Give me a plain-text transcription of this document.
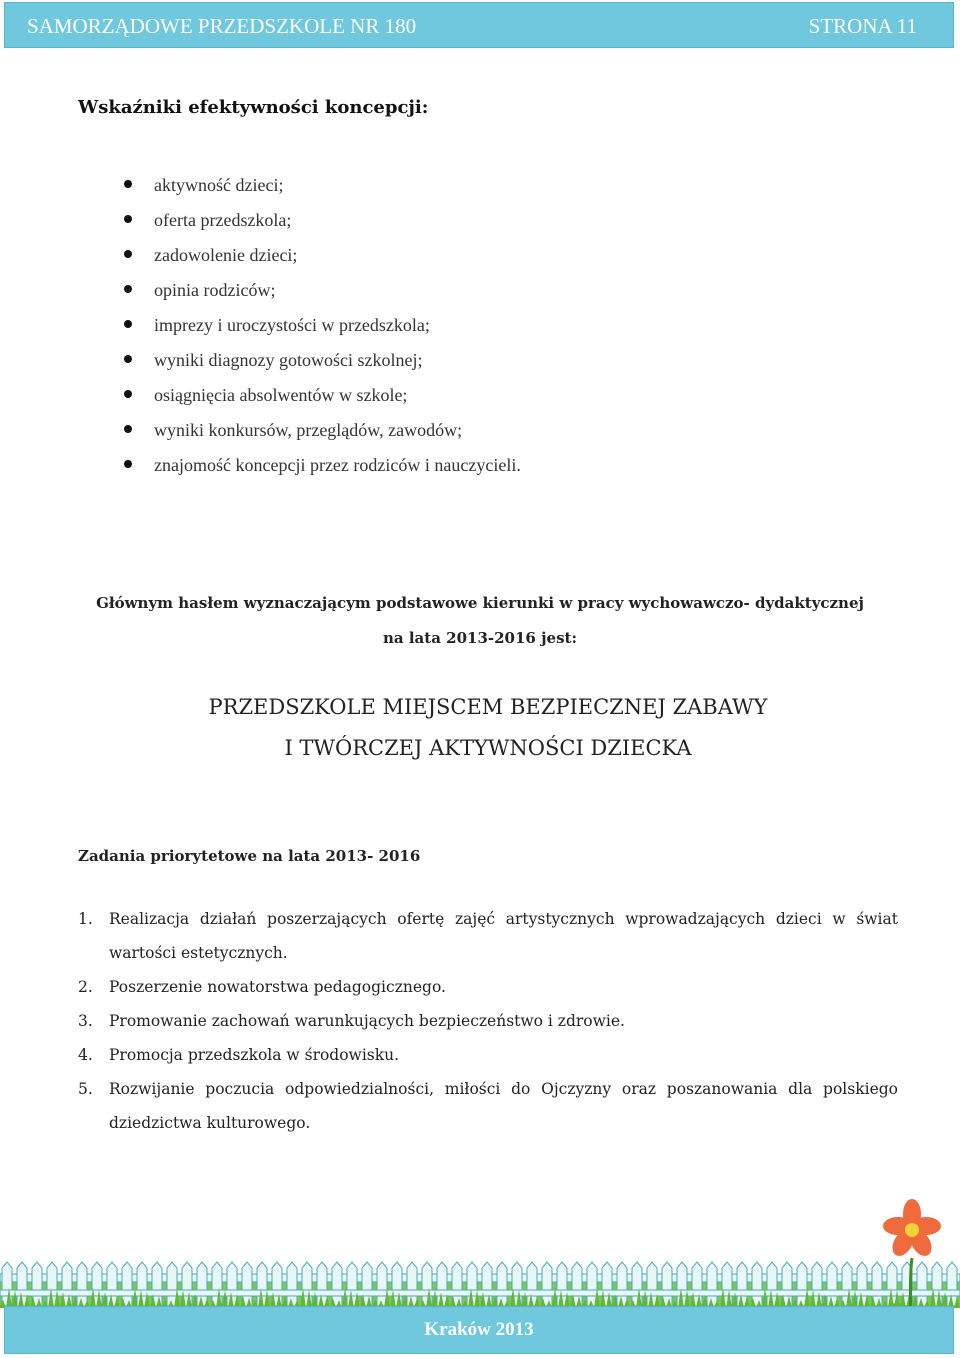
SAMORZĄDOWE PRZEDSZKOLE NR 180	STRONA 11
Wskaźniki efektywności koncepcji:
aktywność dzieci;
oferta przedszkola;
zadowolenie dzieci;
opinia rodziców;
imprezy i uroczystości w przedszkola;
wyniki diagnozy gotowości szkolnej;
osiągnięcia absolwentów w szkole;
wyniki konkursów, przeglądów, zawodów;
znajomość koncepcji przez rodziców i nauczycieli.
Głównym hasłem wyznaczającym podstawowe kierunki w pracy wychowawczo- dydaktycznej
na lata 2013-2016 jest:
PRZEDSZKOLE MIEJSCEM BEZPIECZNEJ ZABAWY
I TWÓRCZEJ AKTYWNOŚCI DZIECKA
Zadania priorytetowe na lata 2013- 2016
1. Realizacja działań poszerzających ofertę zajęć artystycznych wprowadzających dzieci w świat wartości estetycznych.
2. Poszerzenie nowatorstwa pedagogicznego.
3. Promowanie zachowań warunkujących bezpieczeństwo i zdrowie.
4. Promocja przedszkola w środowisku.
5. Rozwijanie poczucia odpowiedzialności, miłości do Ojczyzny oraz poszanowania dla polskiego dziedzictwa kulturowego.
Kraków 2013
